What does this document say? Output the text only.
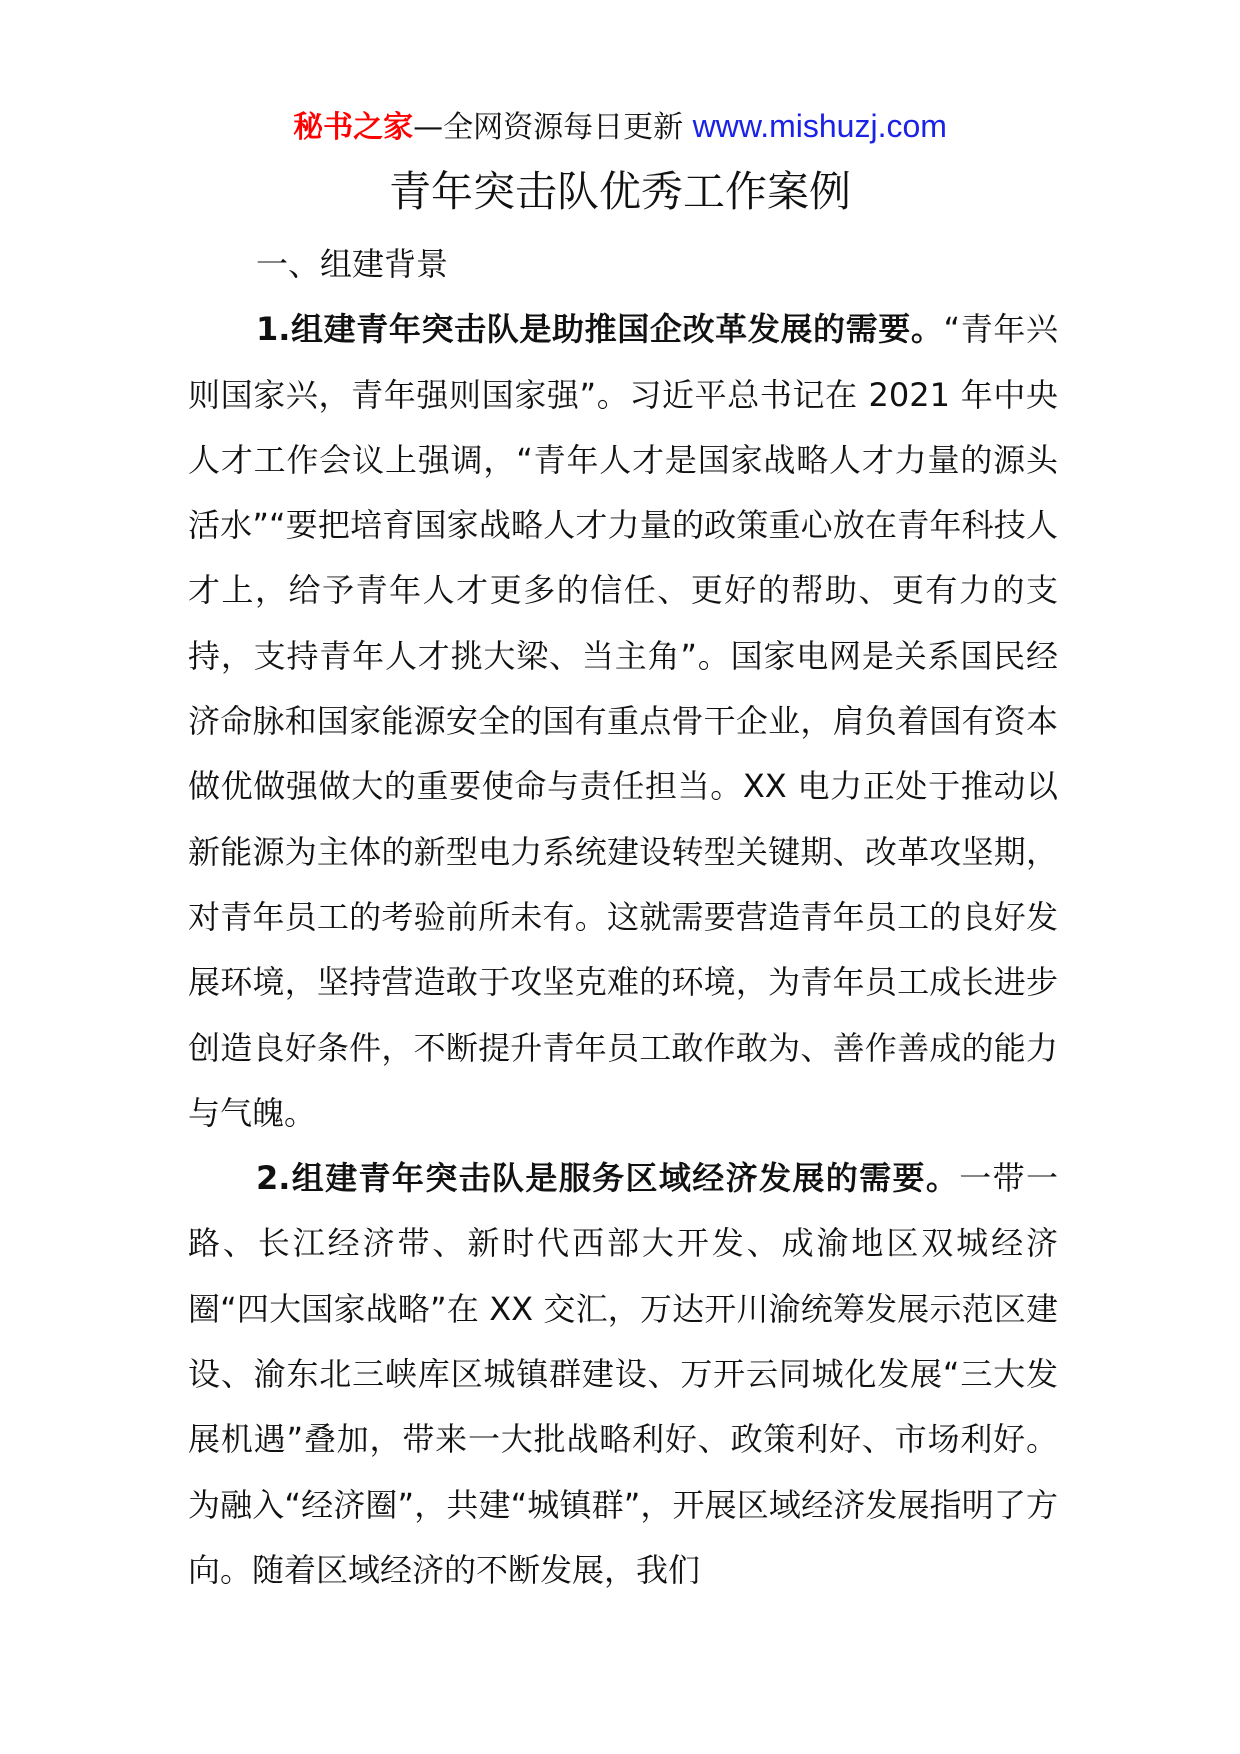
秘书之家—全网资源每日更新 www.mishuzj.com
青年突击队优秀工作案例

一、组建背景

1.组建青年突击队是助推国企改革发展的需要。“青年兴则国家兴，青年强则国家强”。习近平总书记在 2021 年中央人才工作会议上强调，“青年人才是国家战略人才力量的源头活水”“要把培育国家战略人才力量的政策重心放在青年科技人才上，给予青年人才更多的信任、更好的帮助、更有力的支持，支持青年人才挑大梁、当主角”。国家电网是关系国民经济命脉和国家能源安全的国有重点骨干企业，肩负着国有资本做优做强做大的重要使命与责任担当。XX 电力正处于推动以新能源为主体的新型电力系统建设转型关键期、改革攻坚期，对青年员工的考验前所未有。这就需要营造青年员工的良好发展环境，坚持营造敢于攻坚克难的环境，为青年员工成长进步创造良好条件，不断提升青年员工敢作敢为、善作善成的能力与气魄。

2.组建青年突击队是服务区域经济发展的需要。一带一路、长江经济带、新时代西部大开发、成渝地区双城经济圈“四大国家战略”在 XX 交汇，万达开川渝统筹发展示范区建设、渝东北三峡库区城镇群建设、万开云同城化发展“三大发展机遇”叠加，带来一大批战略利好、政策利好、市场利好。为融入“经济圈”，共建“城镇群”，开展区域经济发展指明了方向。随着区域经济的不断发展，我们
